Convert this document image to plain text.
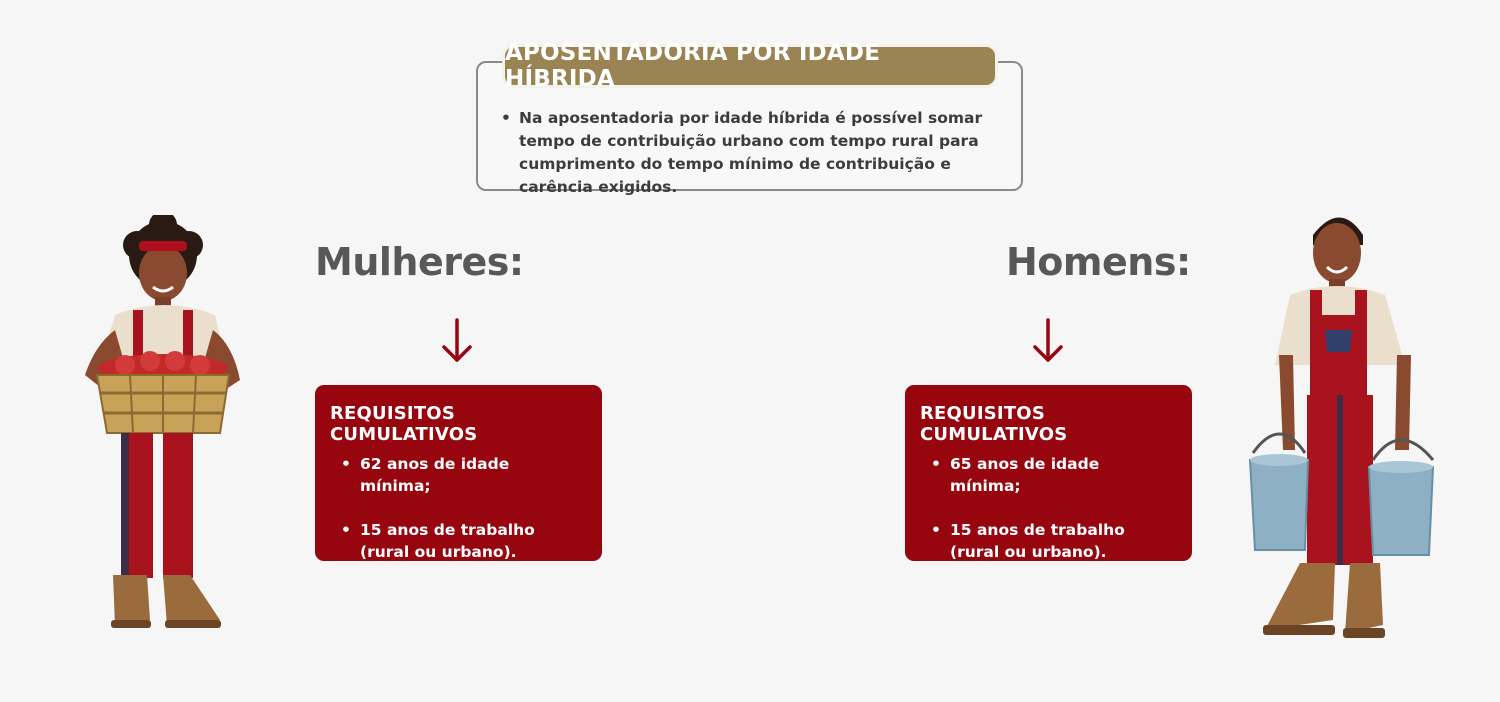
APOSENTADORIA POR IDADE HÍBRIDA
• Na aposentadoria por idade híbrida é possível somar tempo de contribuição urbano com tempo rural para cumprimento do tempo mínimo de contribuição e carência exigidos.
Mulheres:
REQUISITOS CUMULATIVOS
• 62 anos de idade mínima;
• 15 anos de trabalho (rural ou urbano).
Homens:
REQUISITOS CUMULATIVOS
• 65 anos de idade mínima;
• 15 anos de trabalho (rural ou urbano).
